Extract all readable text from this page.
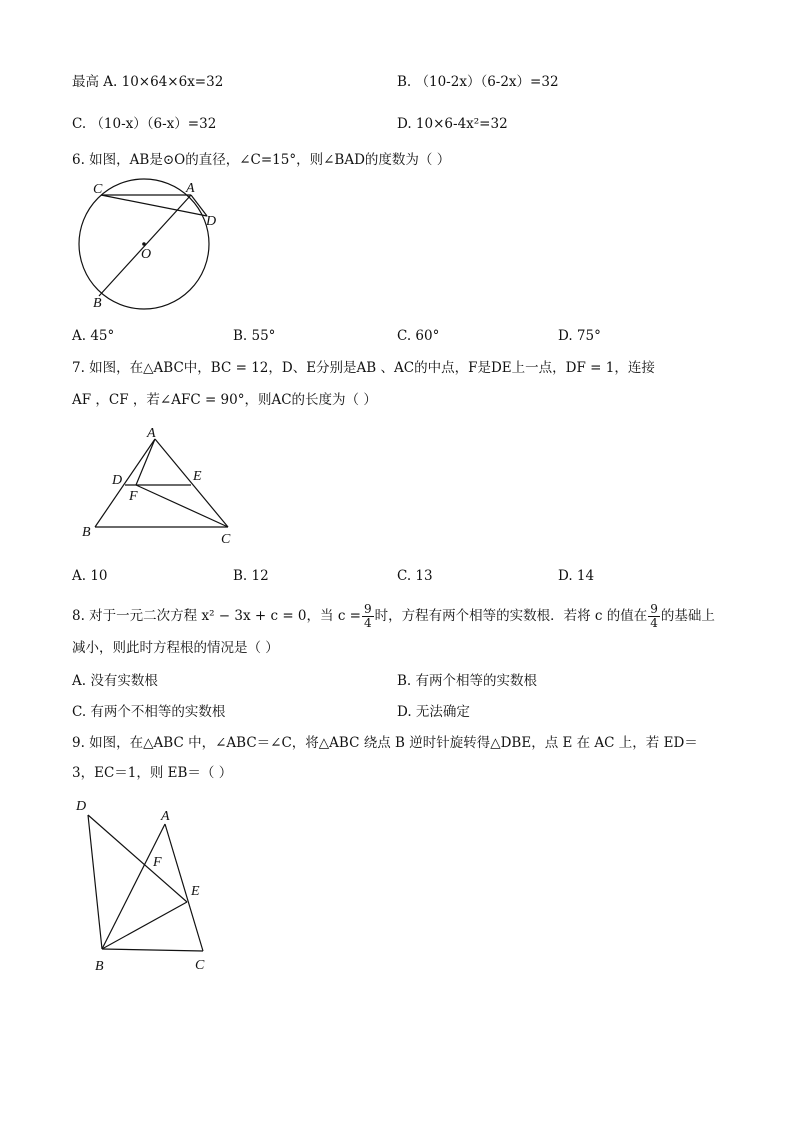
最高 A. 10×64×6x=32	B. （10-2x）（6-2x）=32
C. （10-x）（6-x）=32	D. 10×6-4x²=32
6. 如图，AB是⊙O的直径，∠C=15°，则∠BAD的度数为（ ）
C	A
D
O
B
A. 45°	B. 55°	C. 60°	D. 75°
7. 如图，在△ABC中，BC = 12，D、E分别是AB 、AC的中点，F是DE上一点，DF = 1，连接
AF ，CF ，若∠AFC = 90°，则AC的长度为（ ）
A
D	E
F
B	C
A. 10	B. 12	C. 13	D. 14
8. 对于一元二次方程 x² − 3x + c = 0，当 $c = \frac{9}{4}$ 时，方程有两个相等的实数根．若将 c 的值在 $\frac{9}{4}$ 的基础上
减小，则此时方程根的情况是（ ）
A. 没有实数根	B. 有两个相等的实数根
C. 有两个不相等的实数根	D. 无法确定
9. 如图，在△ABC 中，∠ABC＝∠C，将△ABC 绕点 B 逆时针旋转得△DBE，点 E 在 AC 上，若 ED＝
3，EC＝1，则 EB＝（ ）
D
A
F
E
B	C
